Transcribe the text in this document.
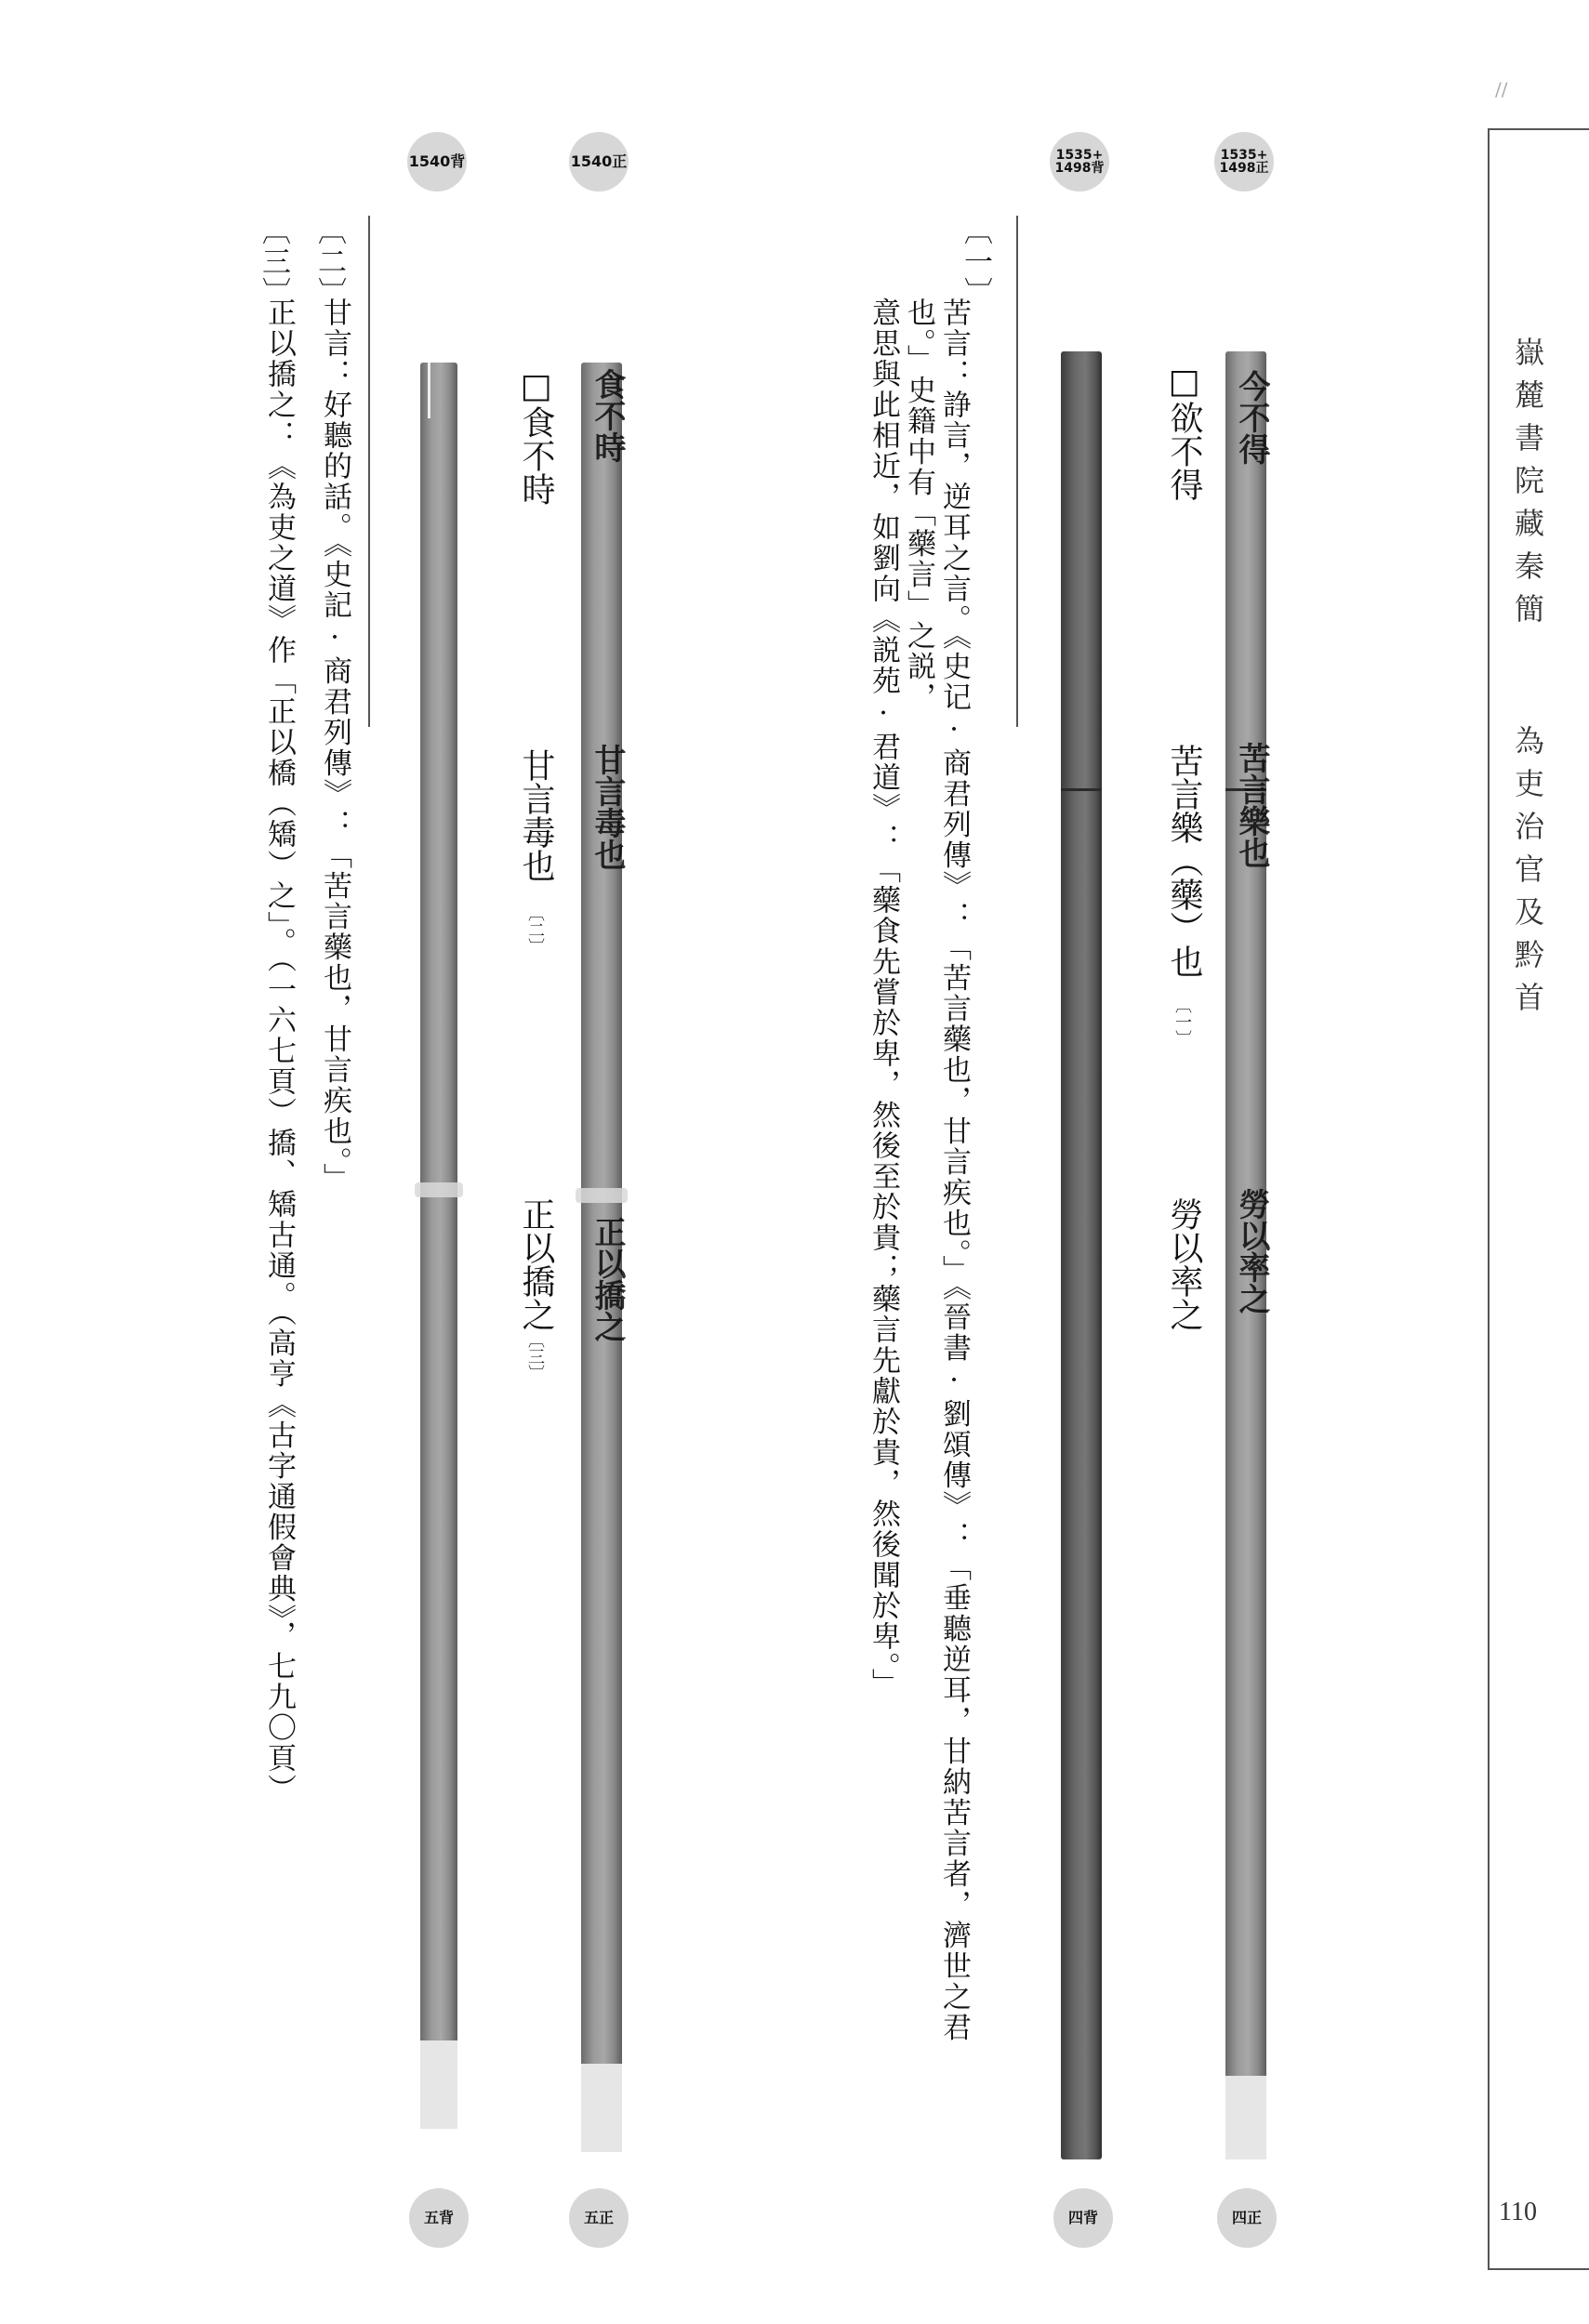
嶽麓書院藏秦簡
為吏治官及黔首
110
//
1540背	1540正	1535+
1498背
1535+
1498正
五背	五正	四背	四正
食不時
甘言毒也
正以撟之
今不得
苦言樂也
勞以率之
□欲不得
苦言樂（藥）也
〔一〕
勞以率之
□食不時
甘言毒也
〔二〕
正以撟之
〔三〕
〔一〕
苦言：諍言，逆耳之言。《史记·商君列傳》：「苦言藥也，甘言疾也。」《晉書·劉頌傳》：「垂聽逆耳，甘納苦言者，濟世之君也。」史籍中有「藥言」之説，
意思與此相近，如劉向《説苑·君道》：「藥食先嘗於卑，然後至於貴；藥言先獻於貴，然後聞於卑。」
〔二〕
甘言：好聽的話。《史記·商君列傳》：「苦言藥也，甘言疾也。」
〔三〕
正以撟之：《為吏之道》作「正以橋（矯）之」。（一六七頁）撟、矯古通。（高亨《古字通假會典》，七九〇頁）
